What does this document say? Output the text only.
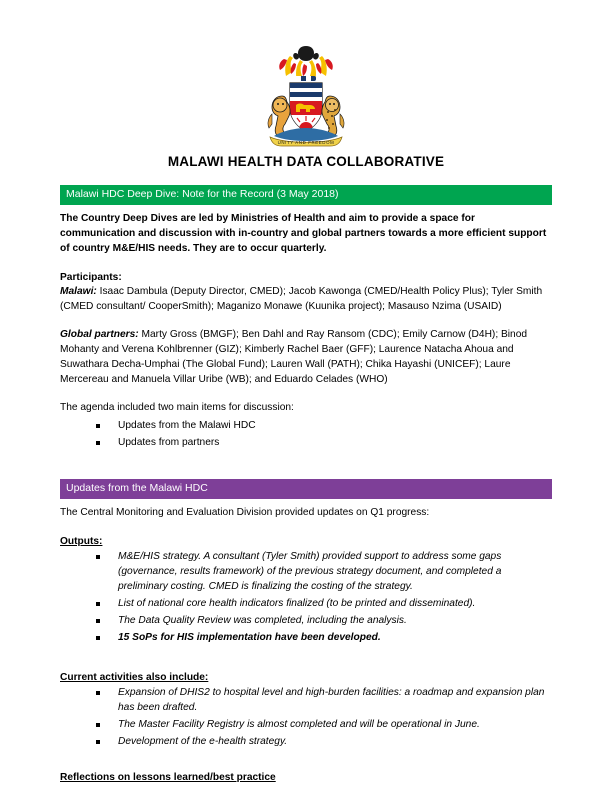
UNITY AND FREEDOM
MALAWI HEALTH DATA COLLABORATIVE
Malawi HDC Deep Dive: Note for the Record (3 May 2018)
The Country Deep Dives are led by Ministries of Health and aim to provide a space for communication and discussion with in-country and global partners towards a more efficient support of country M&E/HIS needs. They are to occur quarterly.
Participants:
Malawi: Isaac Dambula (Deputy Director, CMED); Jacob Kawonga (CMED/Health Policy Plus); Tyler Smith (CMED consultant/ CooperSmith); Maganizo Monawe (Kuunika project); Masauso Nzima (USAID)
Global partners: Marty Gross (BMGF); Ben Dahl and Ray Ransom (CDC); Emily Carnow (D4H); Binod Mohanty and Verena Kohlbrenner (GIZ); Kimberly Rachel Baer (GFF); Laurence Natacha Ahoua and Suwathara Decha-Umphai (The Global Fund); Lauren Wall (PATH); Chika Hayashi (UNICEF); Laure Mercereau and Manuela Villar Uribe (WB); and Eduardo Celades (WHO)
The agenda included two main items for discussion:
Updates from the Malawi HDC
Updates from partners
Updates from the Malawi HDC
The Central Monitoring and Evaluation Division provided updates on Q1 progress:
Outputs:
M&E/HIS strategy. A consultant (Tyler Smith) provided support to address some gaps (governance, results framework) of the previous strategy document, and completed a preliminary costing. CMED is finalizing the costing of the strategy.
List of national core health indicators finalized (to be printed and disseminated).
The Data Quality Review was completed, including the analysis.
15 SoPs for HIS implementation have been developed.
Current activities also include:
Expansion of DHIS2 to hospital level and high-burden facilities: a roadmap and expansion plan has been drafted.
The Master Facility Registry is almost completed and will be operational in June.
Development of the e-health strategy.
Reflections on lessons learned/best practice
